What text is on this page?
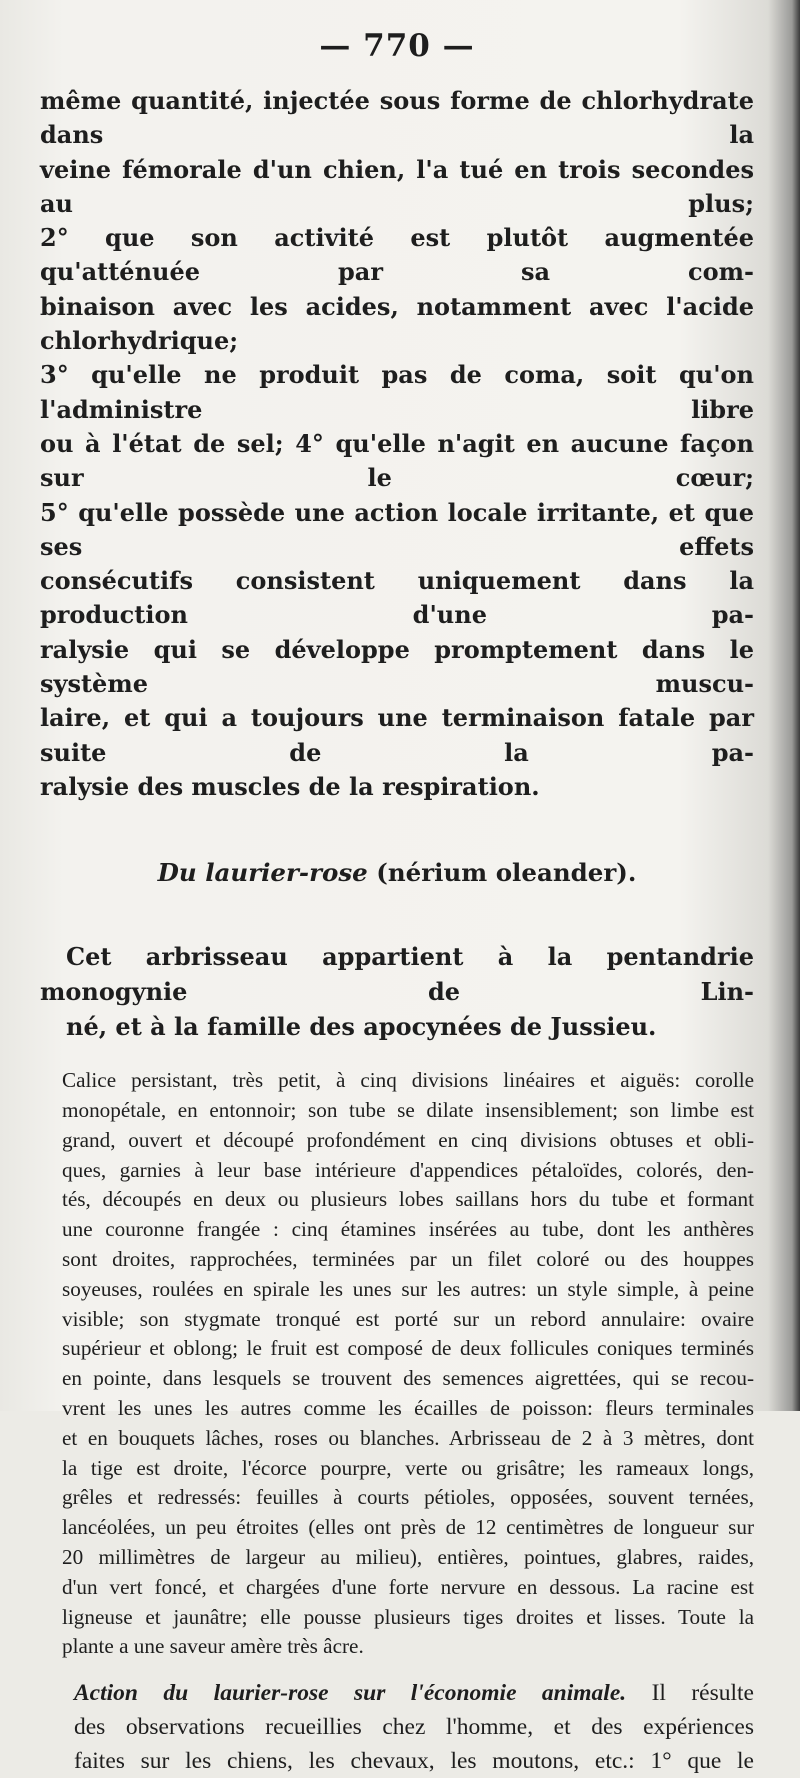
— 770 —

même quantité, injectée sous forme de chlorhydrate dans la
veine fémorale d'un chien, l'a tué en trois secondes au plus;
2° que son activité est plutôt augmentée qu'atténuée par sa com-
binaison avec les acides, notamment avec l'acide chlorhydrique;
3° qu'elle ne produit pas de coma, soit qu'on l'administre libre
ou à l'état de sel; 4° qu'elle n'agit en aucune façon sur le cœur;
5° qu'elle possède une action locale irritante, et que ses effets
consécutifs consistent uniquement dans la production d'une pa-
ralysie qui se développe promptement dans le système muscu-
laire, et qui a toujours une terminaison fatale par suite de la pa-
ralysie des muscles de la respiration.

Du laurier-rose (nérium oleander).

Cet arbrisseau appartient à la pentandrie monogynie de Lin-
né, et à la famille des apocynées de Jussieu.

Calice persistant, très petit, à cinq divisions linéaires et aiguës: corolle
monopétale, en entonnoir; son tube se dilate insensiblement; son limbe est
grand, ouvert et découpé profondément en cinq divisions obtuses et obli-
ques, garnies à leur base intérieure d'appendices pétaloïdes, colorés, den-
tés, découpés en deux ou plusieurs lobes saillans hors du tube et formant
une couronne frangée : cinq étamines insérées au tube, dont les anthères
sont droites, rapprochées, terminées par un filet coloré ou des houppes
soyeuses, roulées en spirale les unes sur les autres: un style simple, à peine
visible; son stygmate tronqué est porté sur un rebord annulaire: ovaire
supérieur et oblong; le fruit est composé de deux follicules coniques terminés
en pointe, dans lesquels se trouvent des semences aigrettées, qui se recou-
vrent les unes les autres comme les écailles de poisson: fleurs terminales
et en bouquets lâches, roses ou blanches. Arbrisseau de 2 à 3 mètres, dont
la tige est droite, l'écorce pourpre, verte ou grisâtre; les rameaux longs,
grêles et redressés: feuilles à courts pétioles, opposées, souvent ternées,
lancéolées, un peu étroites (elles ont près de 12 centimètres de longueur sur
20 millimètres de largeur au milieu), entières, pointues, glabres, raides,
d'un vert foncé, et chargées d'une forte nervure en dessous. La racine est
ligneuse et jaunâtre; elle pousse plusieurs tiges droites et lisses. Toute la
plante a une saveur amère très âcre.

Action du laurier-rose sur l'économie animale. Il résulte
des observations recueillies chez l'homme, et des expériences
faites sur les chiens, les chevaux, les moutons, etc.: 1° que le
